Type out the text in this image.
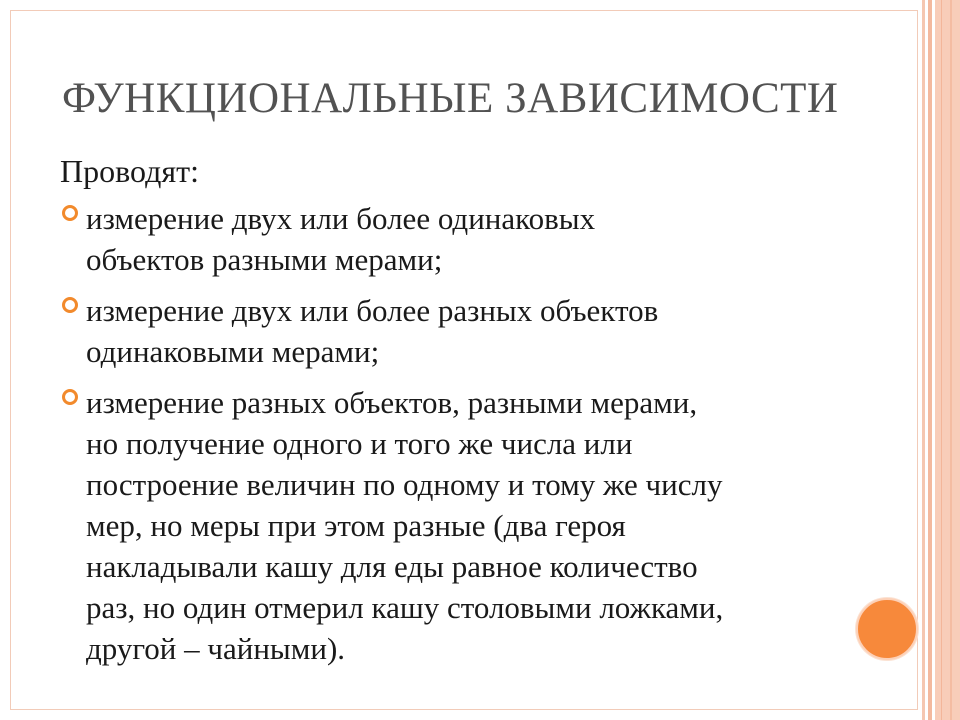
ФУНКЦИОНАЛЬНЫЕ ЗАВИСИМОСТИ
Проводят:
измерение двух или более одинаковых
объектов разными мерами;
измерение двух или более разных объектов
одинаковыми мерами;
измерение разных объектов, разными мерами,
но получение одного и того же числа или
построение величин по одному и тому же числу
мер, но меры при этом разные (два героя
накладывали кашу для еды равное количество
раз, но один отмерил кашу столовыми ложками,
другой – чайными).
